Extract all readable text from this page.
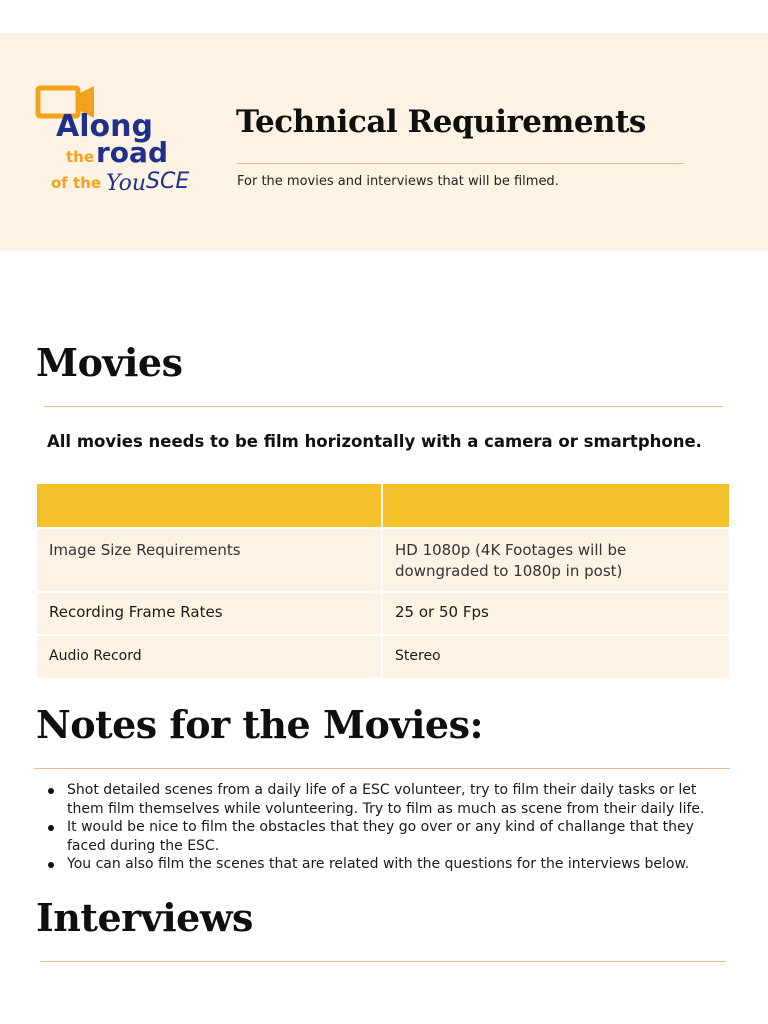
Along
the road
of the You SCE
Technical Requirements
For the movies and interviews that will be filmed.
Movies

All movies needs to be film horizontally with a camera or smartphone.

Image Size Requirements	HD 1080p (4K Footages will be downgraded to 1080p in post)
Recording Frame Rates	25 or 50 Fps
Audio Record	Stereo
Notes for the Movies:
Shot detailed scenes from a daily life of a ESC volunteer, try to film their daily tasks or let them film themselves while volunteering. Try to film as much as scene from their daily life.
It would be nice to film the obstacles that they go over or any kind of challange that they faced during the ESC.
You can also film the scenes that are related with the questions for the interviews below.
Interviews
